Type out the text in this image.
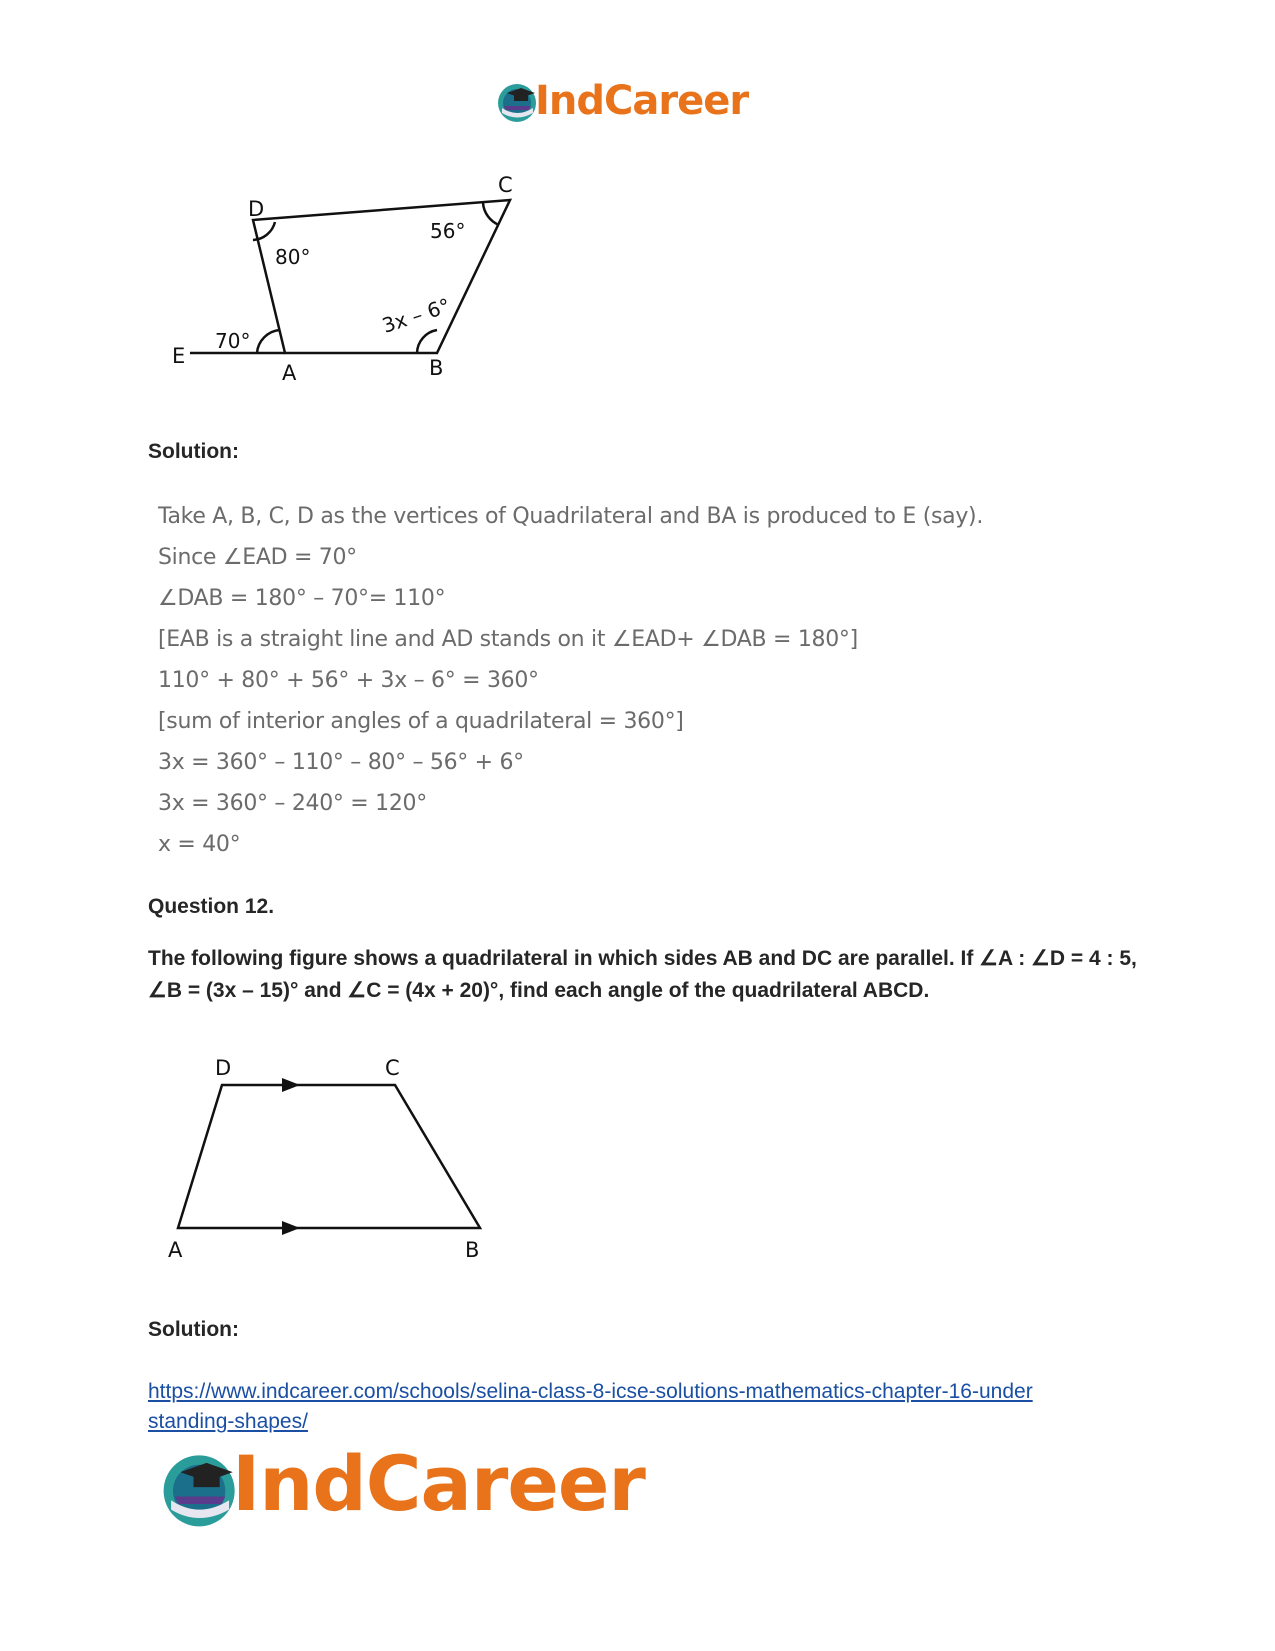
IndCareer
D
C
E
A	B
80°
56°
3x – 6°
70°
Solution:
Take A, B, C, D as the vertices of Quadrilateral and BA is produced to E (say).
Since ∠EAD = 70°
∠DAB = 180° – 70°= 110°
[EAB is a straight line and AD stands on it ∠EAD+ ∠DAB = 180°]
110° + 80° + 56° + 3x – 6° = 360°
[sum of interior angles of a quadrilateral = 360°]
3x = 360° – 110° – 80° – 56° + 6°
3x = 360° – 240° = 120°
x = 40°
Question 12.
The following figure shows a quadrilateral in which sides AB and DC are parallel. If ∠A : ∠D = 4 : 5, ∠B = (3x – 15)° and ∠C = (4x + 20)°, find each angle of the quadrilateral ABCD.
D	C
A	B
Solution:
https://www.indcareer.com/schools/selina-class-8-icse-solutions-mathematics-chapter-16-under
standing-shapes/
IndCareer
